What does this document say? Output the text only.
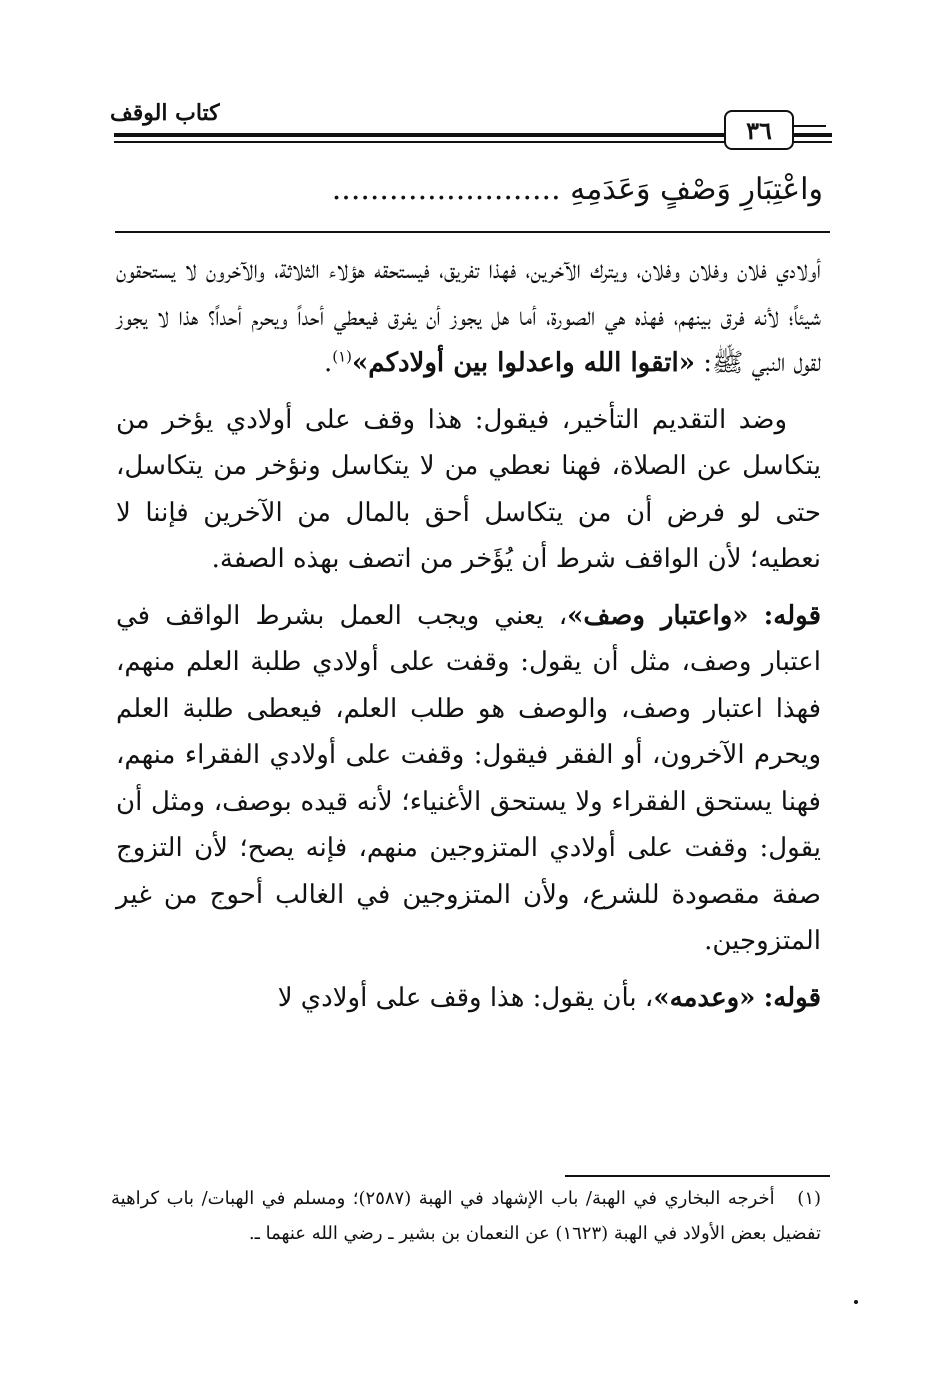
كتاب الوقف
٣٦
واعْتِبَارِ وَصْفٍ وَعَدَمِهِ ........................

أولادي فلان وفلان وفلان، ويترك الآخرين، فهذا تفريق، فيستحقه هؤلاء الثلاثة، والآخرون لا يستحقون شيئاً؛ لأنه فرق بينهم، فهذه هي الصورة، أما هل يجوز أن يفرق فيعطي أحداً ويحرم أحداً؟ هذا لا يجوز لقول النبي ﷺ: «اتقوا الله واعدلوا بين أولادكم»$^{(١)}$.

وضد التقديم التأخير، فيقول: هذا وقف على أولادي يؤخر من يتكاسل عن الصلاة، فهنا نعطي من لا يتكاسل ونؤخر من يتكاسل، حتى لو فرض أن من يتكاسل أحق بالمال من الآخرين فإننا لا نعطيه؛ لأن الواقف شرط أن يُؤَخر من اتصف بهذه الصفة.

قوله: «واعتبار وصف»، يعني ويجب العمل بشرط الواقف في اعتبار وصف، مثل أن يقول: وقفت على أولادي طلبة العلم منهم، فهذا اعتبار وصف، والوصف هو طلب العلم، فيعطى طلبة العلم ويحرم الآخرون، أو الفقر فيقول: وقفت على أولادي الفقراء منهم، فهنا يستحق الفقراء ولا يستحق الأغنياء؛ لأنه قيده بوصف، ومثل أن يقول: وقفت على أولادي المتزوجين منهم، فإنه يصح؛ لأن التزوج صفة مقصودة للشرع، ولأن المتزوجين في الغالب أحوج من غير المتزوجين.

قوله: «وعدمه»، بأن يقول: هذا وقف على أولادي لا

(١)   أخرجه البخاري في الهبة/ باب الإشهاد في الهبة (٢٥٨٧)؛ ومسلم في الهبات/ باب كراهية تفضيل بعض الأولاد في الهبة (١٦٢٣) عن النعمان بن بشير ـ رضي الله عنهما ـ.
